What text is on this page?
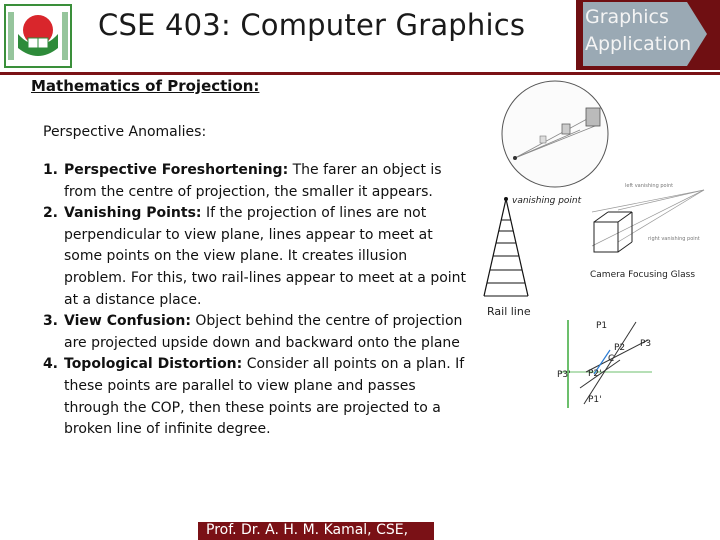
CSE 403: Computer Graphics	Graphics
Application
Mathematics of Projection:
Perspective Anomalies:
1. Perspective Foreshortening: The farer an object is from the centre of projection, the smaller it appears.
2. Vanishing Points: If the projection of lines are not perpendicular to view plane, lines appear to meet at some points on the view plane. It creates illusion problem. For this, two rail-lines appear to meet at a point at a distance place.
3. View Confusion: Object behind the centre of projection are projected upside down and backward onto the plane
4. Topological Distortion: Consider all points on a plan. If these points are parallel to view plane and passes through the COP, then these points are projected to a broken line of infinite degree.
vanishing point
Rail line
left vanishing point
right vanishing point
Camera Focusing Glass
P1
P2 P3
P3' P2'
P1'
C
Prof. Dr. A. H. M. Kamal, CSE,
